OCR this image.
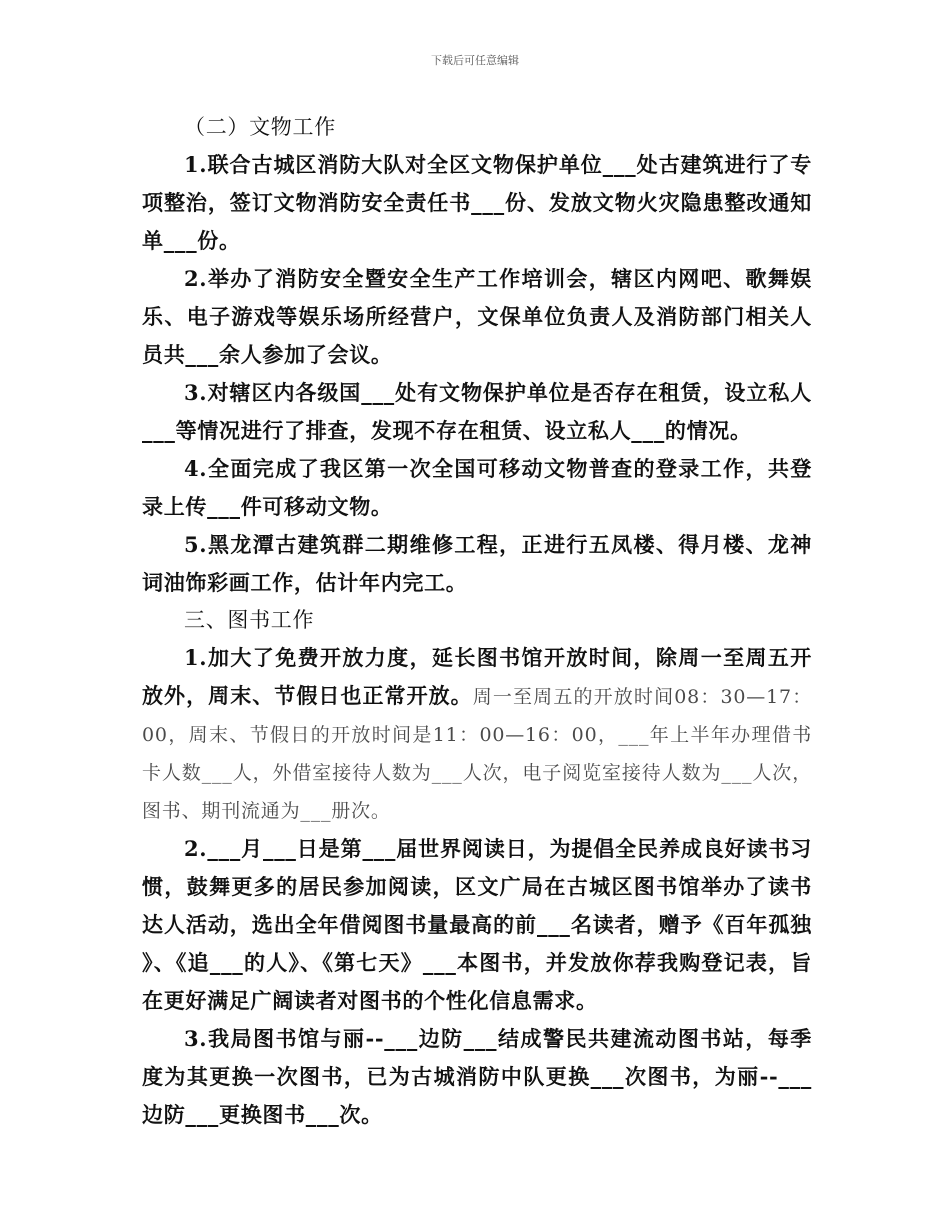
下载后可任意编辑

（二）文物工作

1.联合古城区消防大队对全区文物保护单位___处古建筑进行了专项整治，签订文物消防安全责任书___份、发放文物火灾隐患整改通知单___份。

2.举办了消防安全暨安全生产工作培训会，辖区内网吧、歌舞娱乐、电子游戏等娱乐场所经营户，文保单位负责人及消防部门相关人员共___余人参加了会议。

3.对辖区内各级国___处有文物保护单位是否存在租赁，设立私人___等情况进行了排查，发现不存在租赁、设立私人___的情况。

4.全面完成了我区第一次全国可移动文物普查的登录工作，共登录上传___件可移动文物。

5.黑龙潭古建筑群二期维修工程，正进行五凤楼、得月楼、龙神词油饰彩画工作，估计年内完工。

三、图书工作

1.加大了免费开放力度，延长图书馆开放时间，除周一至周五开放外，周末、节假日也正常开放。周一至周五的开放时间08：30—17：00，周末、节假日的开放时间是11：00—16：00，___年上半年办理借书卡人数___人，外借室接待人数为___人次，电子阅览室接待人数为___人次，图书、期刊流通为___册次。

2.___月___日是第___届世界阅读日，为提倡全民养成良好读书习惯，鼓舞更多的居民参加阅读，区文广局在古城区图书馆举办了读书达人活动，选出全年借阅图书量最高的前___名读者，赠予《百年孤独》、《追___的人》、《第七天》___本图书，并发放你荐我购登记表，旨在更好满足广阔读者对图书的个性化信息需求。

3.我局图书馆与丽--___边防___结成警民共建流动图书站，每季度为其更换一次图书，已为古城消防中队更换___次图书，为丽--___边防___更换图书___次。
